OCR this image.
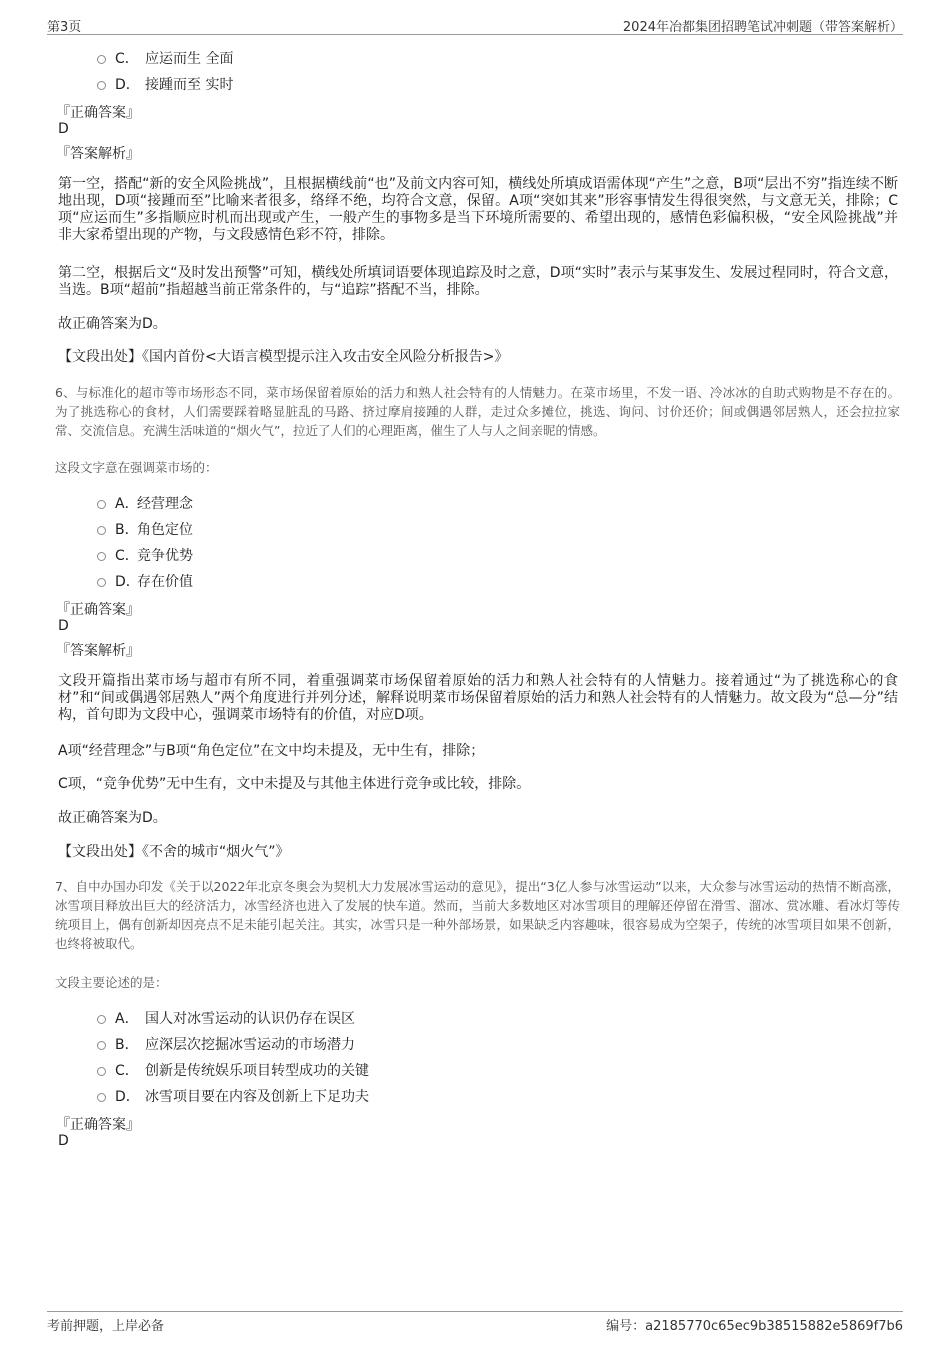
第3页	2024年冶都集团招聘笔试冲刺题（带答案解析）
C． 应运而生 全面
D． 接踵而至 实时
『正确答案』
D
『答案解析』

第一空，搭配“新的安全风险挑战”，且根据横线前“也”及前文内容可知，横线处所填成语需体现“产生”之意，B项“层出不穷”指连续不断地出现，D项“接踵而至”比喻来者很多，络绎不绝，均符合文意，保留。A项“突如其来”形容事情发生得很突然，与文意无关，排除；C项“应运而生”多指顺应时机而出现或产生，一般产生的事物多是当下环境所需要的、希望出现的，感情色彩偏积极，“安全风险挑战”并非大家希望出现的产物，与文段感情色彩不符，排除。

第二空，根据后文“及时发出预警”可知，横线处所填词语要体现追踪及时之意，D项“实时”表示与某事发生、发展过程同时，符合文意，当选。B项“超前”指超越当前正常条件的，与“追踪”搭配不当，排除。

故正确答案为D。

【文段出处】《国内首份<大语言模型提示注入攻击安全风险分析报告>》

6、与标准化的超市等市场形态不同，菜市场保留着原始的活力和熟人社会特有的人情魅力。在菜市场里，不发一语、冷冰冰的自助式购物是不存在的。为了挑选称心的食材，人们需要踩着略显脏乱的马路、挤过摩肩接踵的人群，走过众多摊位，挑选、询问、讨价还价；间或偶遇邻居熟人，还会拉拉家常、交流信息。充满生活味道的“烟火气”，拉近了人们的心理距离，催生了人与人之间亲昵的情感。

这段文字意在强调菜市场的：
A．
经营理念
B．
角色定位
C．
竞争优势
D．
存在价值
『正确答案』
D
『答案解析』

文段开篇指出菜市场与超市有所不同，着重强调菜市场保留着原始的活力和熟人社会特有的人情魅力。接着通过“为了挑选称心的食材”和“间或偶遇邻居熟人”两个角度进行并列分述，解释说明菜市场保留着原始的活力和熟人社会特有的人情魅力。故文段为“总—分”结构，首句即为文段中心，强调菜市场特有的价值，对应D项。

A项“经营理念”与B项“角色定位”在文中均未提及，无中生有，排除；

C项，“竞争优势”无中生有，文中未提及与其他主体进行竞争或比较，排除。

故正确答案为D。

【文段出处】《不舍的城市“烟火气”》

7、自中办国办印发《关于以2022年北京冬奥会为契机大力发展冰雪运动的意见》，提出“3亿人参与冰雪运动”以来，大众参与冰雪运动的热情不断高涨，冰雪项目释放出巨大的经济活力，冰雪经济也进入了发展的快车道。然而，当前大多数地区对冰雪项目的理解还停留在滑雪、溜冰、赏冰雕、看冰灯等传统项目上，偶有创新却因亮点不足未能引起关注。其实，冰雪只是一种外部场景，如果缺乏内容趣味，很容易成为空架子，传统的冰雪项目如果不创新，也终将被取代。

文段主要论述的是：
A． 国人对冰雪运动的认识仍存在误区
B． 应深层次挖掘冰雪运动的市场潜力
C． 创新是传统娱乐项目转型成功的关键
D． 冰雪项目要在内容及创新上下足功夫
『正确答案』
D
考前押题，上岸必备	编号：a2185770c65ec9b38515882e5869f7b6
